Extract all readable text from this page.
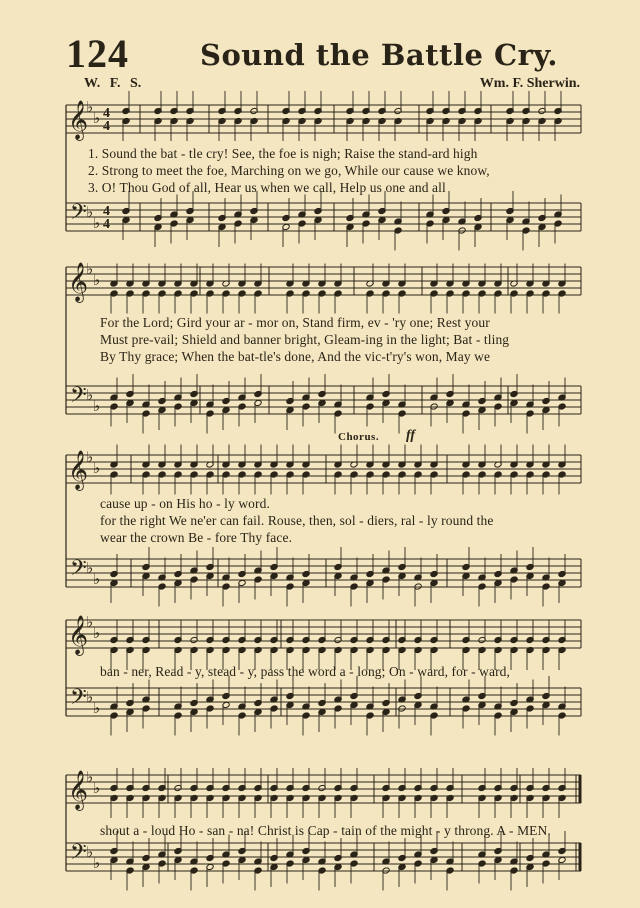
124 Sound the Battle Cry.
W. F. S.	Wm. F. Sherwin.
𝄞
𝄢
♭
♭
♭
♭
4
4
4
4
𝄞
𝄢
♭
♭
♭
♭
𝄞
𝄢
♭
♭
♭
♭
𝄞
𝄢
♭
♭
♭
♭
𝄞
𝄢
♭
♭
♭
♭
1. Sound the bat - tle cry! See, the foe is nigh; Raise the stand-ard high
2. Strong to meet the foe, Marching on we go, While our cause we know,
3. O! Thou God of all, Hear us when we call, Help us one and all
For the Lord; Gird your ar - mor on, Stand firm, ev - 'ry one; Rest your
Must pre-vail; Shield and banner bright, Gleam-ing in the light; Bat - tling
By Thy grace; When the bat-tle's done, And the vic-t'ry's won, May we
Chorus. ff
cause up - on His ho - ly word.
for the right We ne'er can fail. Rouse, then, sol - diers, ral - ly round the
wear the crown Be - fore Thy face.
ban - ner, Read - y, stead - y, pass the word a - long; On - ward, for - ward,
shout a - loud Ho - san - na! Christ is Cap - tain of the might - y throng. A - MEN.
